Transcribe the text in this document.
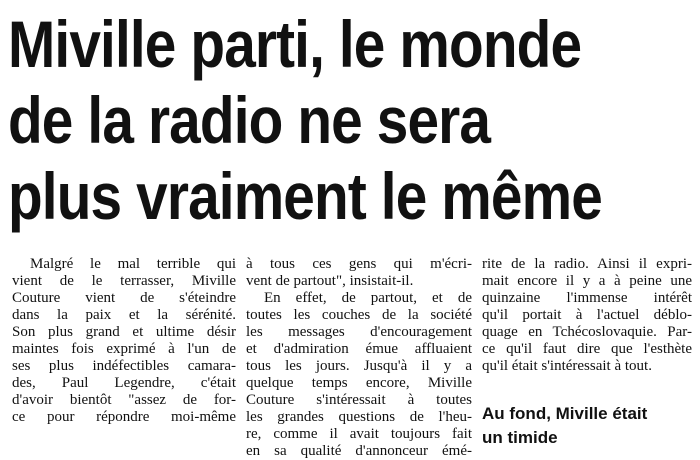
Miville parti, le monde
de la radio ne sera
plus vraiment le même
Malgré le mal terrible qui
vient de le terrasser, Miville
Couture vient de s'éteindre
dans la paix et la sérénité.
Son plus grand et ultime désir
maintes fois exprimé à l'un de
ses plus indéfectibles camara-
des, Paul Legendre, c'était
d'avoir bientôt "assez de for-
ce pour répondre moi-même
à tous ces gens qui m'écri-
vent de partout", insistait-il.
En effet, de partout, et de
toutes les couches de la société
les messages d'encouragement
et d'admiration émue affluaient
tous les jours. Jusqu'à il y a
quelque temps encore, Miville
Couture s'intéressait à toutes
les grandes questions de l'heu-
re, comme il avait toujours fait
en sa qualité d'annonceur émé-
rite de la radio. Ainsi il expri-
mait encore il y a à peine une
quinzaine l'immense intérêt
qu'il portait à l'actuel déblo-
quage en Tchécoslovaquie. Par-
ce qu'il faut dire que l'esthète
qu'il était s'intéressait à tout.
Au fond, Miville était
un timide
